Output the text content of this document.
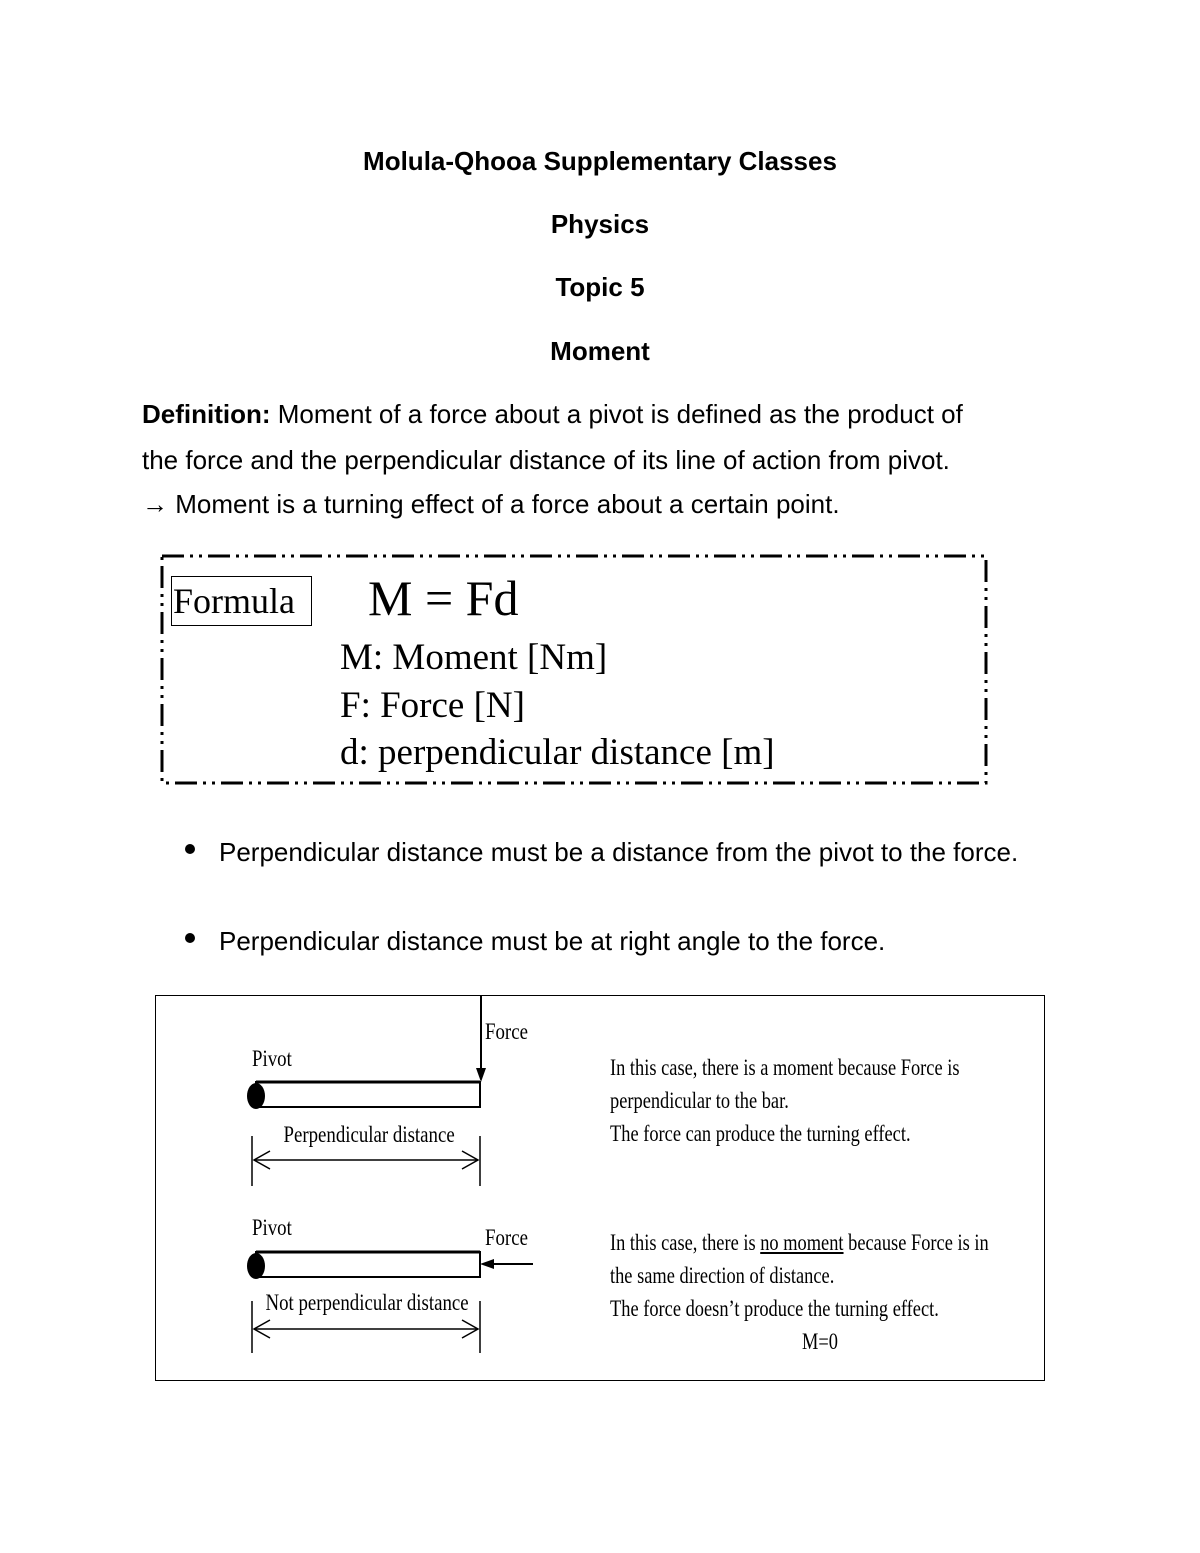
Molula-Qhooa Supplementary Classes
Physics
Topic 5
Moment
Definition: Moment of a force about a pivot is defined as the product of
the force and the perpendicular distance of its line of action from pivot.
→ Moment is a turning effect of a force about a certain point.
Formula	M = Fd
M: Moment [Nm]
F: Force [N]
d: perpendicular distance [m]
Perpendicular distance must be a distance from the pivot to the force.
Perpendicular distance must be at right angle to the force.
Pivot
Force
Perpendicular distance
In this case, there is a moment because Force is
perpendicular to the bar.
The force can produce the turning effect.
Pivot	Force
Not perpendicular distance
In this case, there is no moment because Force is in
the same direction of distance.
The force doesn’t produce the turning effect.
M=0
